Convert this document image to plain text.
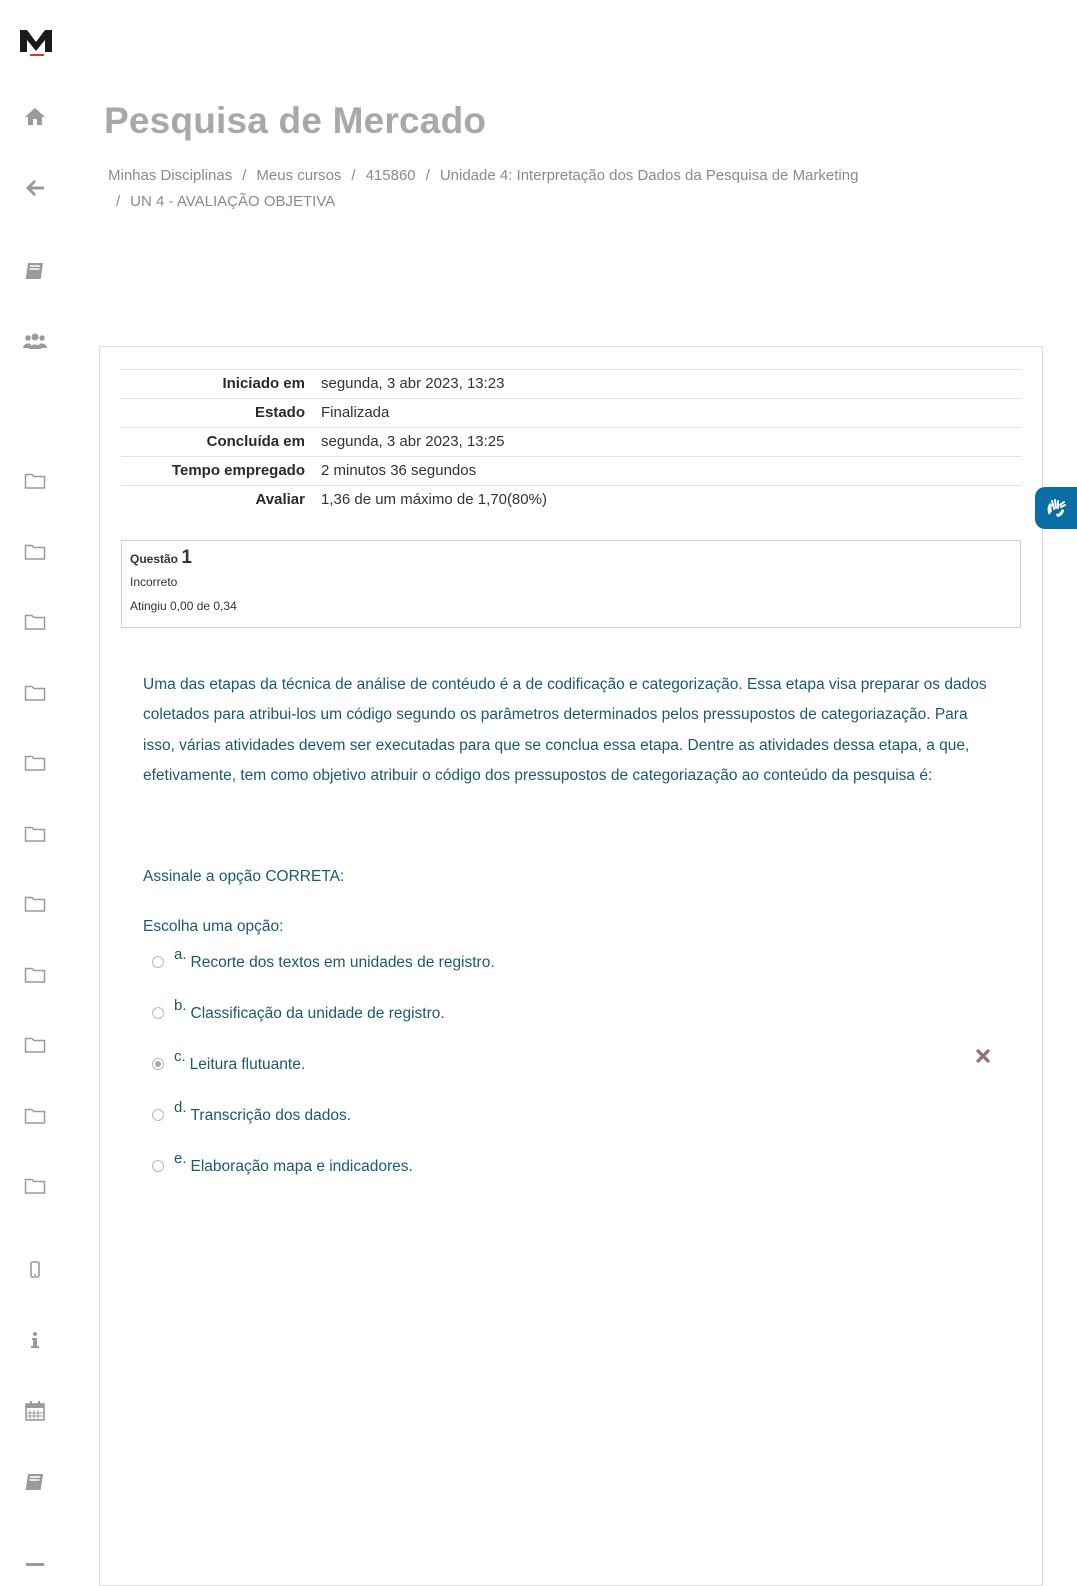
Pesquisa de Mercado
Minhas Disciplinas / Meus cursos / 415860 / Unidade 4: Interpretação dos Dados da Pesquisa de Marketing
/ UN 4 - AVALIAÇÃO OBJETIVA
Iniciado em	segunda, 3 abr 2023, 13:23
Estado	Finalizada
Concluída em	segunda, 3 abr 2023, 13:25
Tempo empregado	2 minutos 36 segundos
Avaliar	1,36 de um máximo de 1,70(80%)
Questão 1
Incorreto
Atingiu 0,00 de 0,34

Uma das etapas da técnica de análise de contéudo é a de codificação e categorização. Essa etapa visa preparar os dados coletados para atribui-los um código segundo os parâmetros determinados pelos pressupostos de categoriazação. Para isso, várias atividades devem ser executadas para que se conclua essa etapa. Dentre as atividades dessa etapa, a que, efetivamente, tem como objetivo atribuir o código dos pressupostos de categoriazação ao conteúdo da pesquisa é:

Assinale a opção CORRETA:
Escolha uma opção:
a. Recorte dos textos em unidades de registro.
b. Classificação da unidade de registro.
c. Leitura flutuante.
d. Transcrição dos dados.
e. Elaboração mapa e indicadores.
